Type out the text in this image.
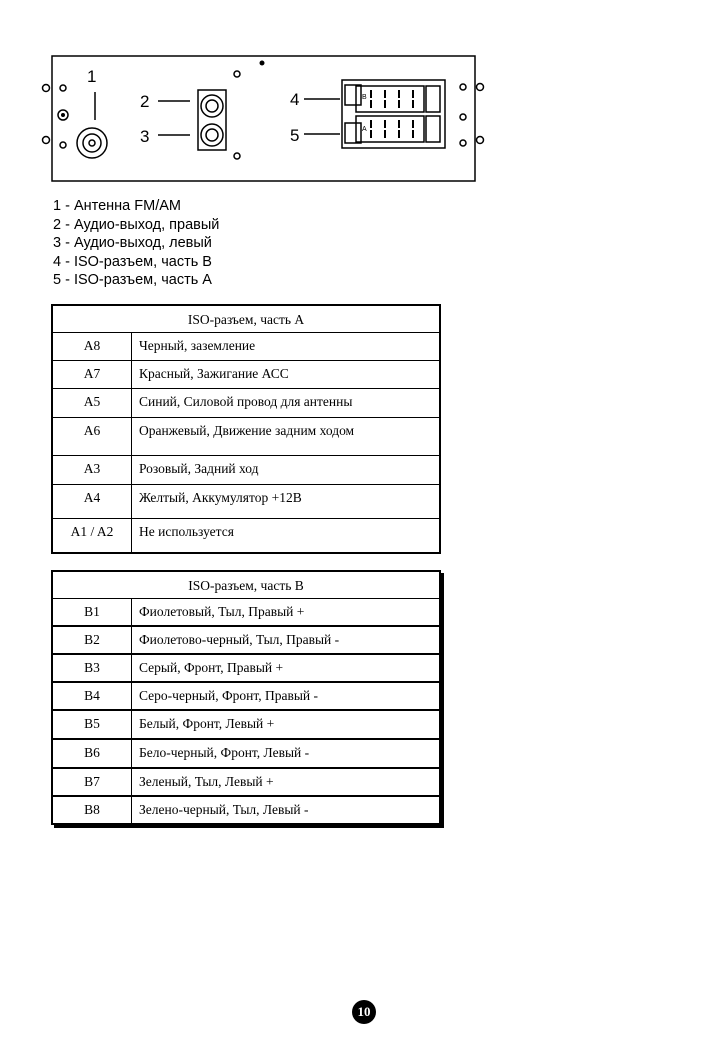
1
2
3
4
5
B
A
1 - Антенна FM/AM
2 - Аудио-выход, правый
3 - Аудио-выход, левый
4 - ISO-разъем, часть B
5 - ISO-разъем, часть A
ISO-разъем, часть А	
A8	Черный, заземление
A7	Красный, Зажигание АСС
A5	Синий, Силовой провод для антенны
A6	Оранжевый, Движение задним ходом
A3	Розовый, Задний ход
A4	Желтый, Аккумулятор +12В
A1 / A2	Не используется
ISO-разъем, часть В	
B1	Фиолетовый, Тыл, Правый +
B2	Фиолетово-черный, Тыл, Правый -
B3	Серый, Фронт, Правый +
B4	Серо-черный, Фронт, Правый -
B5	Белый, Фронт, Левый +
B6	Бело-черный, Фронт, Левый -
B7	Зеленый, Тыл, Левый +
B8	Зелено-черный, Тыл, Левый -
10
